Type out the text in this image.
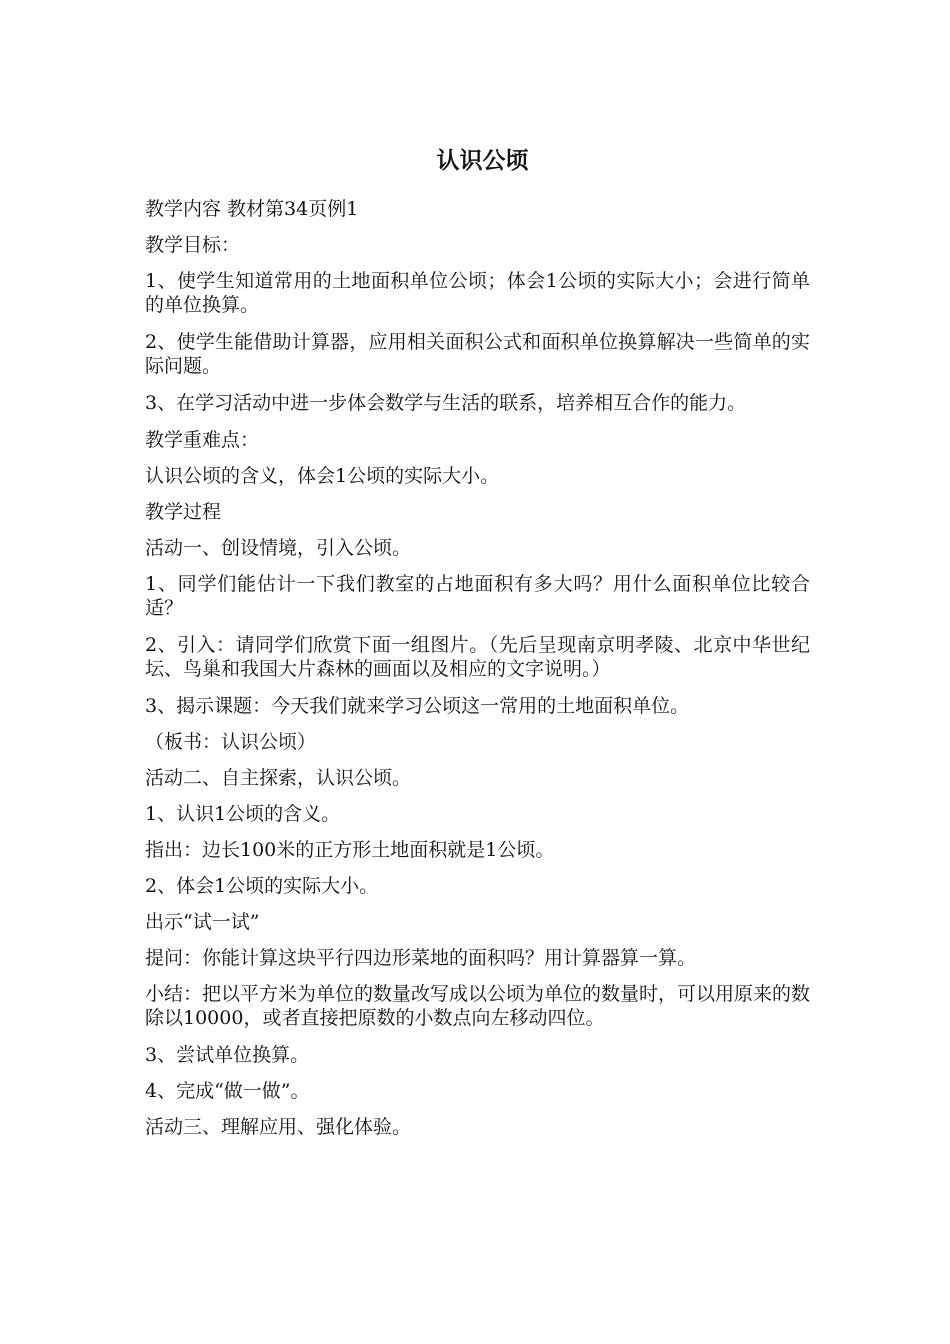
认识公顷

教学内容 教材第34页例1

教学目标：

1、使学生知道常用的土地面积单位公顷；体会1公顷的实际大小；会进行简单的单位换算。

2、使学生能借助计算器，应用相关面积公式和面积单位换算解决一些简单的实际问题。

3、在学习活动中进一步体会数学与生活的联系，培养相互合作的能力。

教学重难点：

认识公顷的含义，体会1公顷的实际大小。

教学过程

活动一、创设情境，引入公顷。

1、同学们能估计一下我们教室的占地面积有多大吗？用什么面积单位比较合适？

2、引入：请同学们欣赏下面一组图片。（先后呈现南京明孝陵、北京中华世纪坛、鸟巢和我国大片森林的画面以及相应的文字说明。）

3、揭示课题：今天我们就来学习公顷这一常用的土地面积单位。

（板书：认识公顷）

活动二、自主探索，认识公顷。

1、认识1公顷的含义。

指出：边长100米的正方形土地面积就是1公顷。

2、体会1公顷的实际大小。

出示“试一试”

提问：你能计算这块平行四边形菜地的面积吗？用计算器算一算。

小结：把以平方米为单位的数量改写成以公顷为单位的数量时，可以用原来的数除以10000，或者直接把原数的小数点向左移动四位。

3、尝试单位换算。

4、完成“做一做”。

活动三、理解应用、强化体验。
